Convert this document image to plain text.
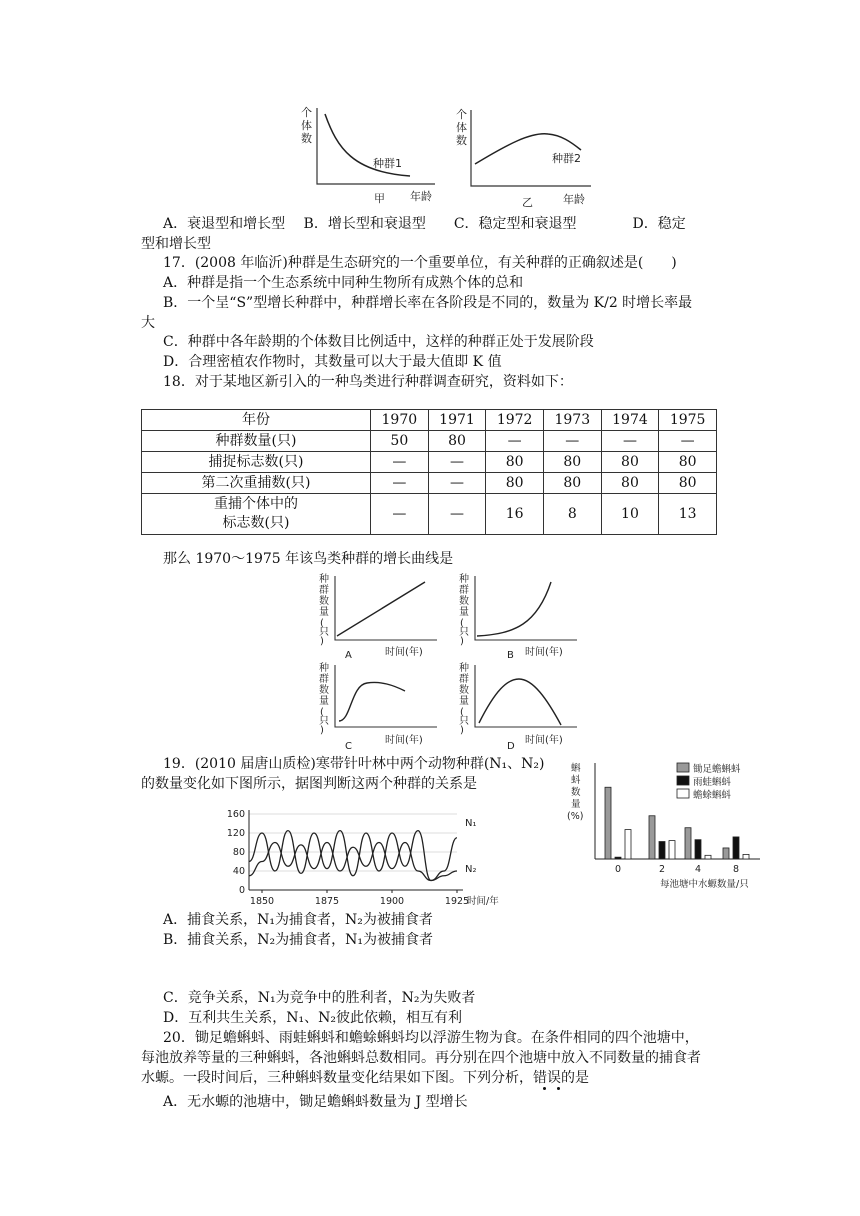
个
体
数
种群1
年龄
甲
个
体
数
种群2
年龄
乙
A．衰退型和增长型　 B．增长型和衰退型　　C．稳定型和衰退型　　　　D．稳定
型和增长型
17．(2008 年临沂)种群是生态研究的一个重要单位，有关种群的正确叙述是(　　)
A．种群是指一个生态系统中同种生物所有成熟个体的总和
B．一个呈“S”型增长种群中，种群增长率在各阶段是不同的，数量为 K/2 时增长率最
大
C．种群中各年龄期的个体数目比例适中，这样的种群正处于发展阶段
D．合理密植农作物时，其数量可以大于最大值即 K 值
18．对于某地区新引入的一种鸟类进行种群调查研究，资料如下：
年份	1970	1971	1972	1973	1974	1975
种群数量(只)	50	80	—	—	—	—
捕捉标志数(只)	—	—	80	80	80	80
第二次重捕数(只)	—	—	80	80	80	80
重捕个体中的
标志数(只)	—	—	16	8	10	13
那么 1970～1975 年该鸟类种群的增长曲线是
种
群
数
量
(
只
)
A	时间(年)
种
群
数
量
(
只
)
B 时间(年)
种
群
数
量
(
只
)
C
时间(年)
种
群
数
量
(
只
)
D
时间(年)
19．(2010 届唐山质检)寒带针叶林中两个动物种群(N₁、N₂)
的数量变化如下图所示，据图判断这两个种群的关系是
0
40
80
120
160
1850	1875	1900	1925
时间/年
N₁
N₂
蝌
蚪
数
量
(%)
锄足蟾蝌蚪
雨蛙蝌蚪
蟾蜍蝌蚪
0	2	4	8
每池塘中水螈数量/只
A．捕食关系，N₁为捕食者，N₂为被捕食者
B．捕食关系，N₂为捕食者，N₁为被捕食者
C．竞争关系，N₁为竞争中的胜利者，N₂为失败者
D．互利共生关系，N₁、N₂彼此依赖，相互有利
20．锄足蟾蝌蚪、雨蛙蝌蚪和蟾蜍蝌蚪均以浮游生物为食。在条件相同的四个池塘中，
每池放养等量的三种蝌蚪，各池蝌蚪总数相同。再分别在四个池塘中放入不同数量的捕食者
水螈。一段时间后，三种蝌蚪数量变化结果如下图。下列分析，错误的是
A．无水螈的池塘中，锄足蟾蝌蚪数量为 J 型增长
